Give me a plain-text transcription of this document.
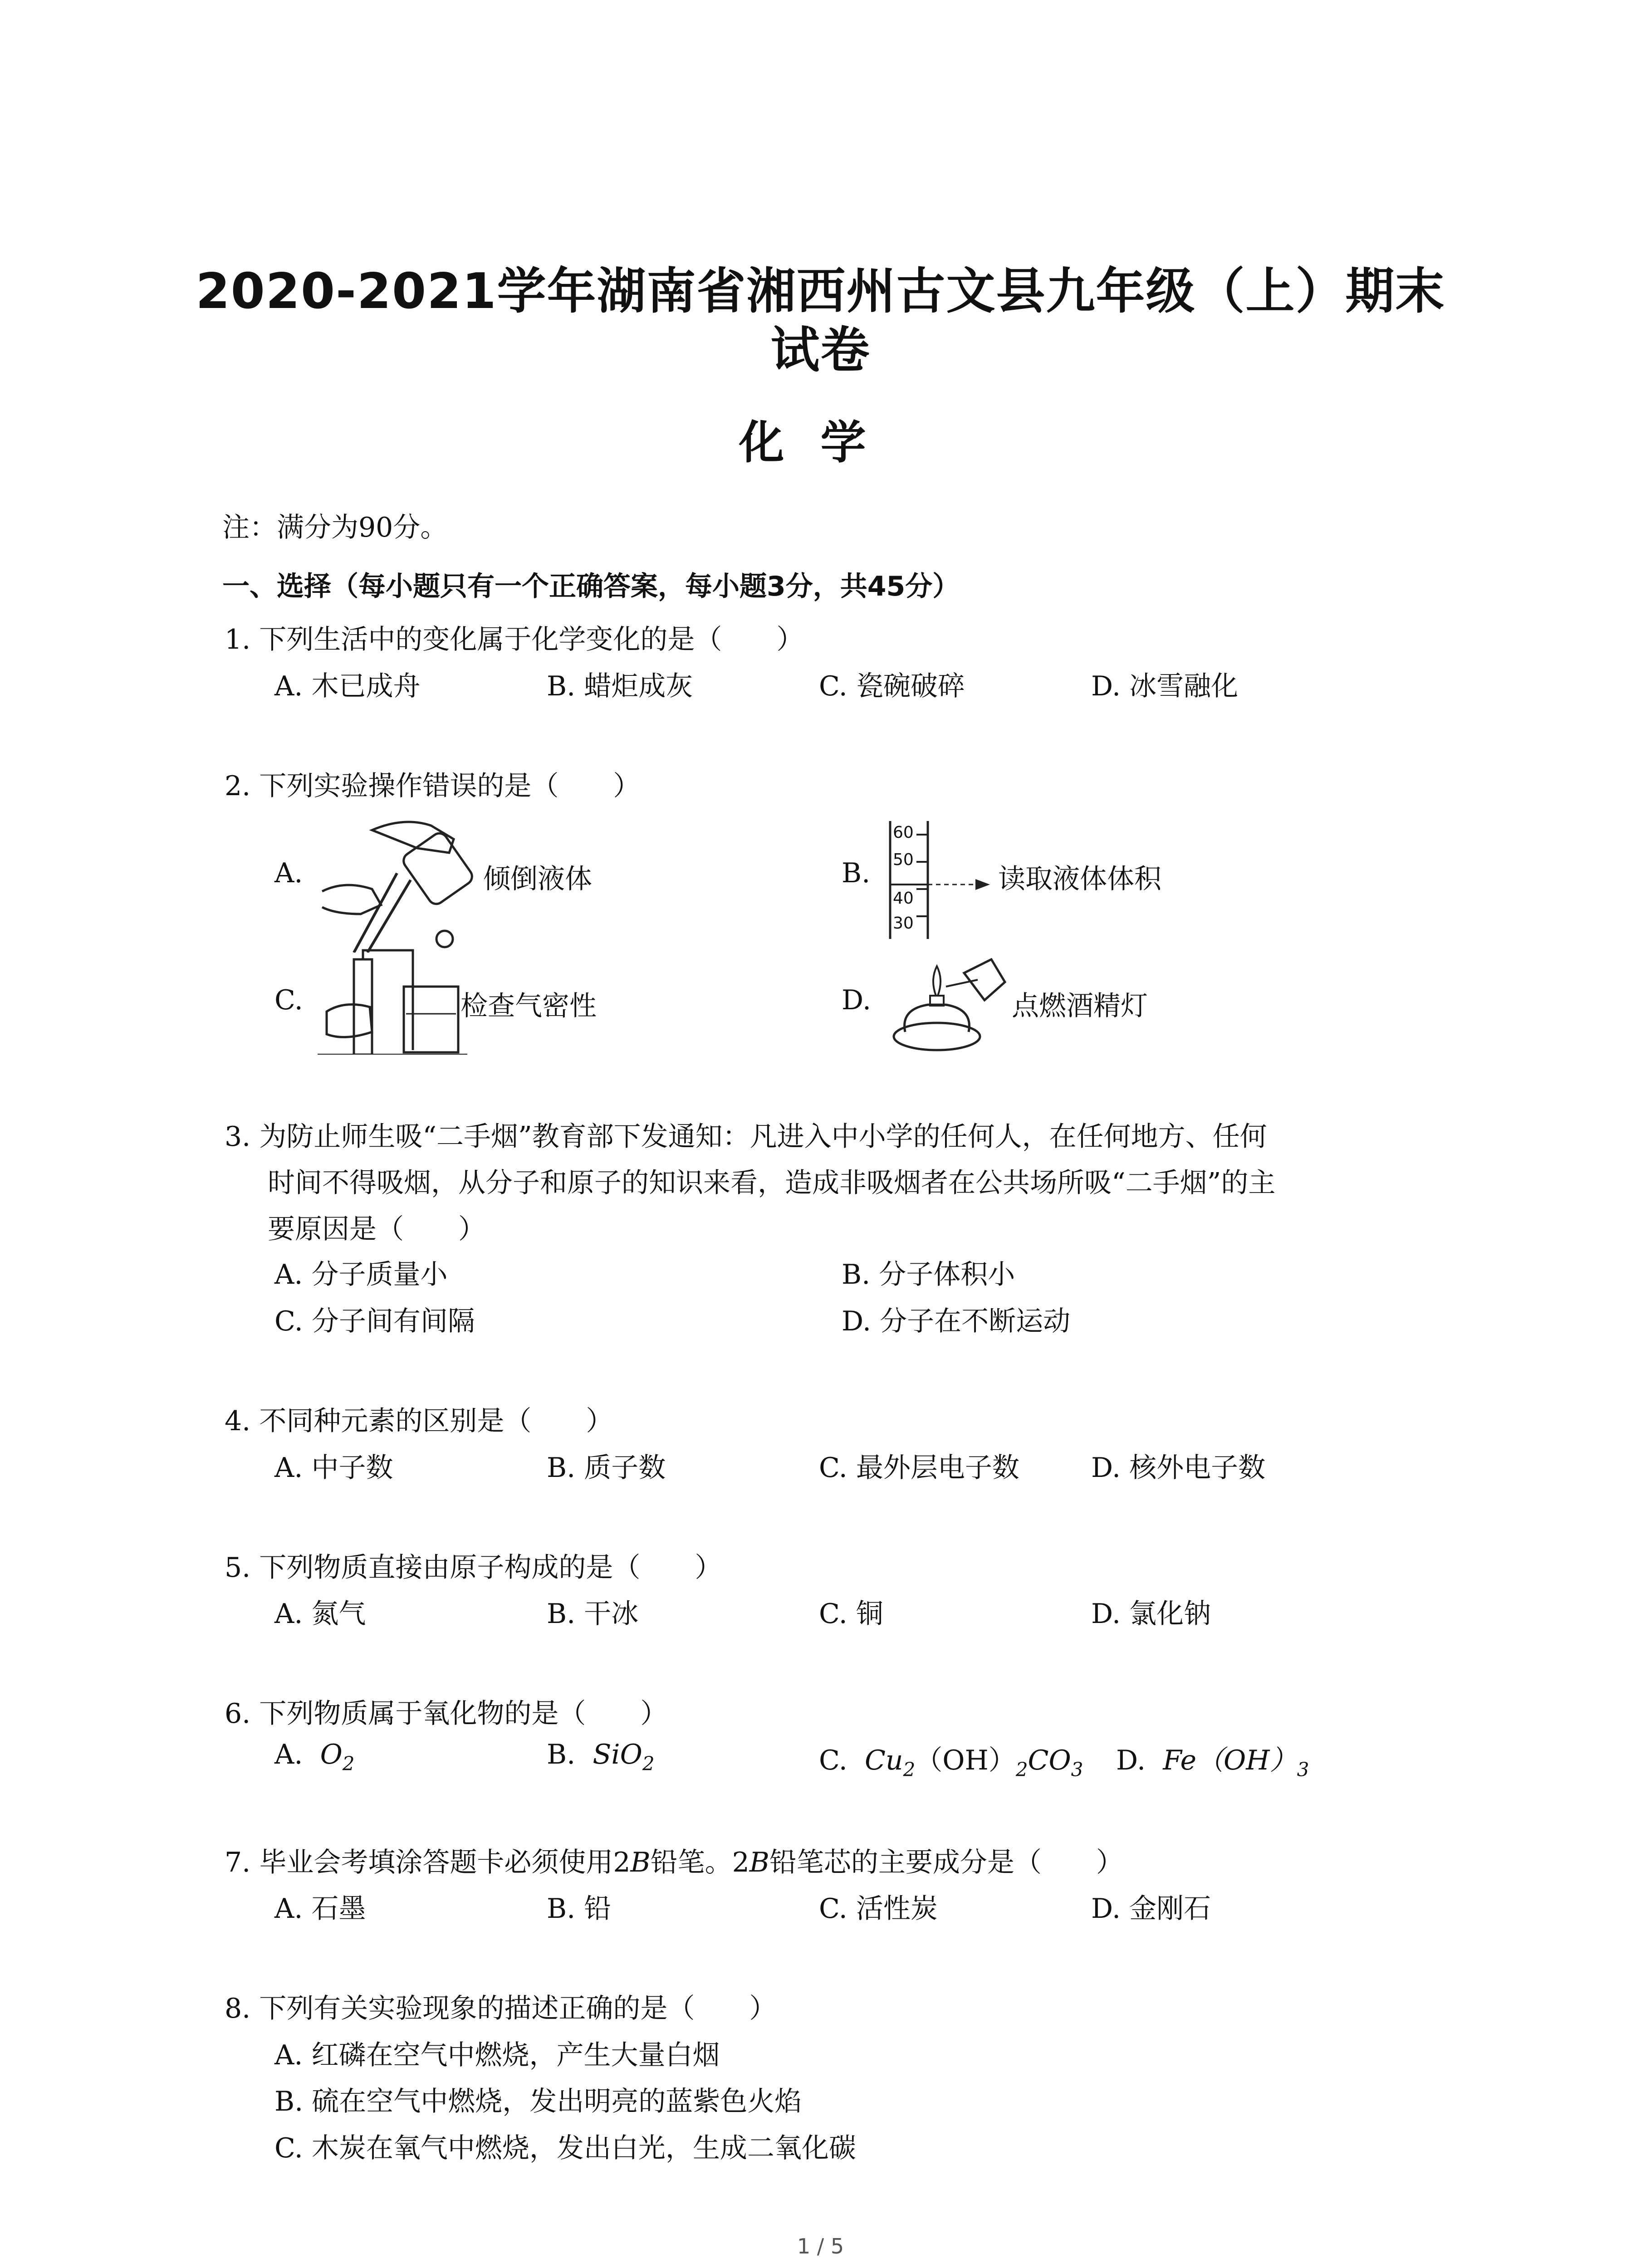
2020-2021学年湖南省湘西州古文县九年级（上）期末
试卷
化学
注：满分为90分。
一、选择（每小题只有一个正确答案，每小题3分，共45分）
1. 下列生活中的变化属于化学变化的是（　　）
A. 木已成舟	B. 蜡炬成灰	C. 瓷碗破碎	D. 冰雪融化
2. 下列实验操作错误的是（　　）
A.	倾倒液体	B.
60
50
40
30
读取液体体积
C.	检查气密性	D.	点燃酒精灯
3. 为防止师生吸“二手烟”教育部下发通知：凡进入中小学的任何人，在任何地方、任何
时间不得吸烟，从分子和原子的知识来看，造成非吸烟者在公共场所吸“二手烟”的主
要原因是（　　）
A. 分子质量小	B. 分子体积小
C. 分子间有间隔	D. 分子在不断运动
4. 不同种元素的区别是（　　）
A. 中子数	B. 质子数	C. 最外层电子数	D. 核外电子数
5. 下列物质直接由原子构成的是（　　）
A. 氮气	B. 干冰	C. 铜	D. 氯化钠
6. 下列物质属于氧化物的是（　　）
A. $O_2$	B. SiO$_2$	C. $Cu_2(OH)_2CO_3$ D. $Fe(OH)_3$
7. 毕业会考填涂答题卡必须使用2B铅笔。2B铅笔芯的主要成分是（　　）
A. 石墨	B. 铅	C. 活性炭	D. 金刚石
8. 下列有关实验现象的描述正确的是（　　）
A. 红磷在空气中燃烧，产生大量白烟
B. 硫在空气中燃烧，发出明亮的蓝紫色火焰
C. 木炭在氧气中燃烧，发出白光，生成二氧化碳
1 / 5
